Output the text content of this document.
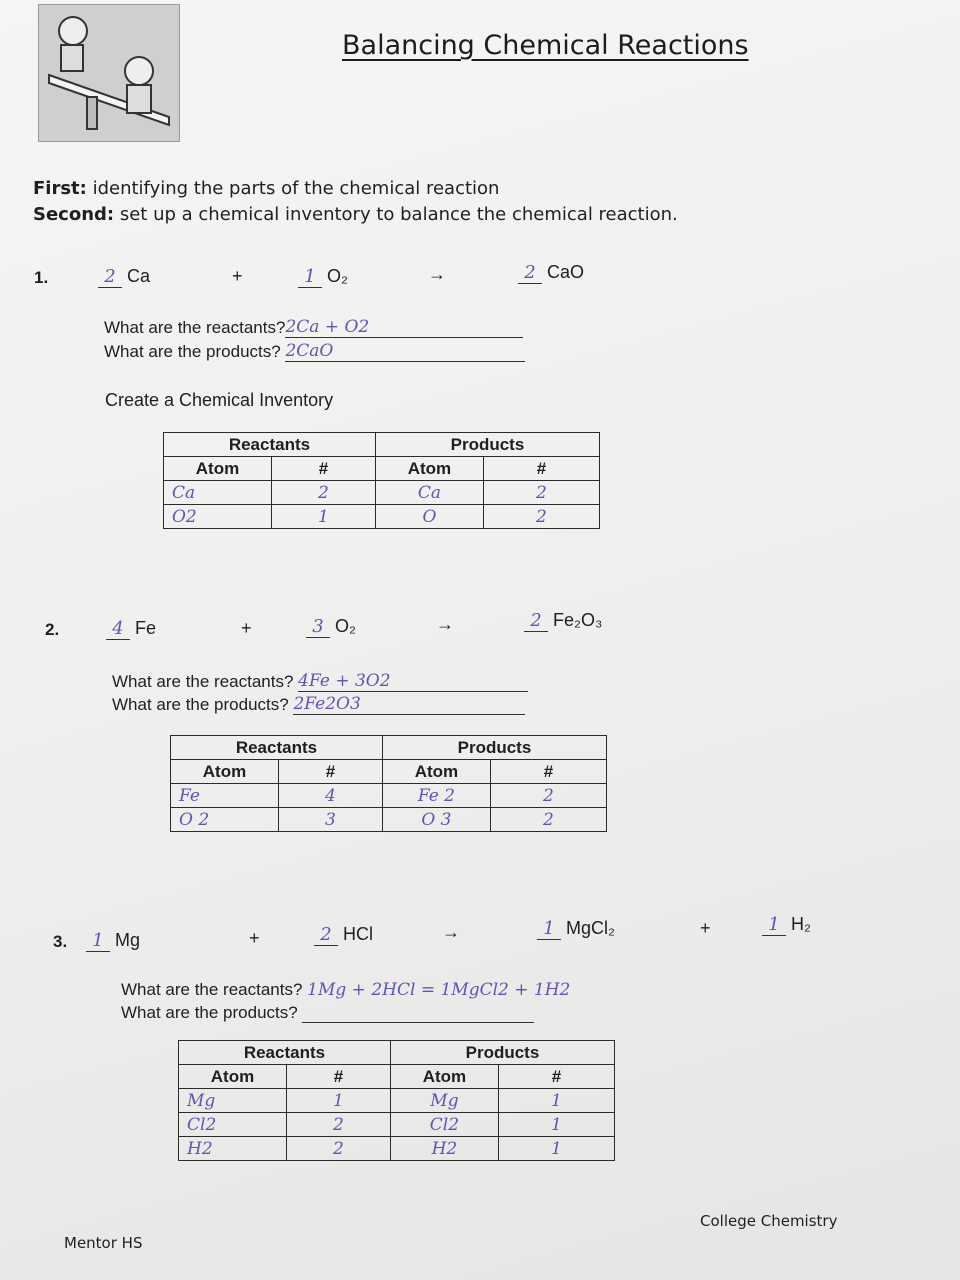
Balancing Chemical Reactions
First: identifying the parts of the chemical reaction
Second: set up a chemical inventory to balance the chemical reaction.
1.	2 Ca	+	1 O₂	→	2 CaO
What are the reactants?2Ca + O2
What are the products? 2CaO
Create a Chemical Inventory
Reactants		Products	
Atom	#	Atom	#
Ca	2	Ca	2
O2	1	O	2
2.	4 Fe	+	3 O₂	→	2 Fe₂O₃
What are the reactants? 4Fe + 3O2
What are the products? 2Fe2O3
Reactants		Products	
Atom	#	Atom	#
Fe	4	Fe 2	2
O 2	3	O 3	2
3.	1 Mg	+	2 HCl	→	1 MgCl₂	+	1 H₂
What are the reactants? 1Mg + 2HCl = 1MgCl2 + 1H2
What are the products?
Reactants		Products	
Atom	#	Atom	#
Mg	1	Mg	1
Cl2	2	Cl2	1
H2	2	H2	1
Mentor HS
College Chemistry
